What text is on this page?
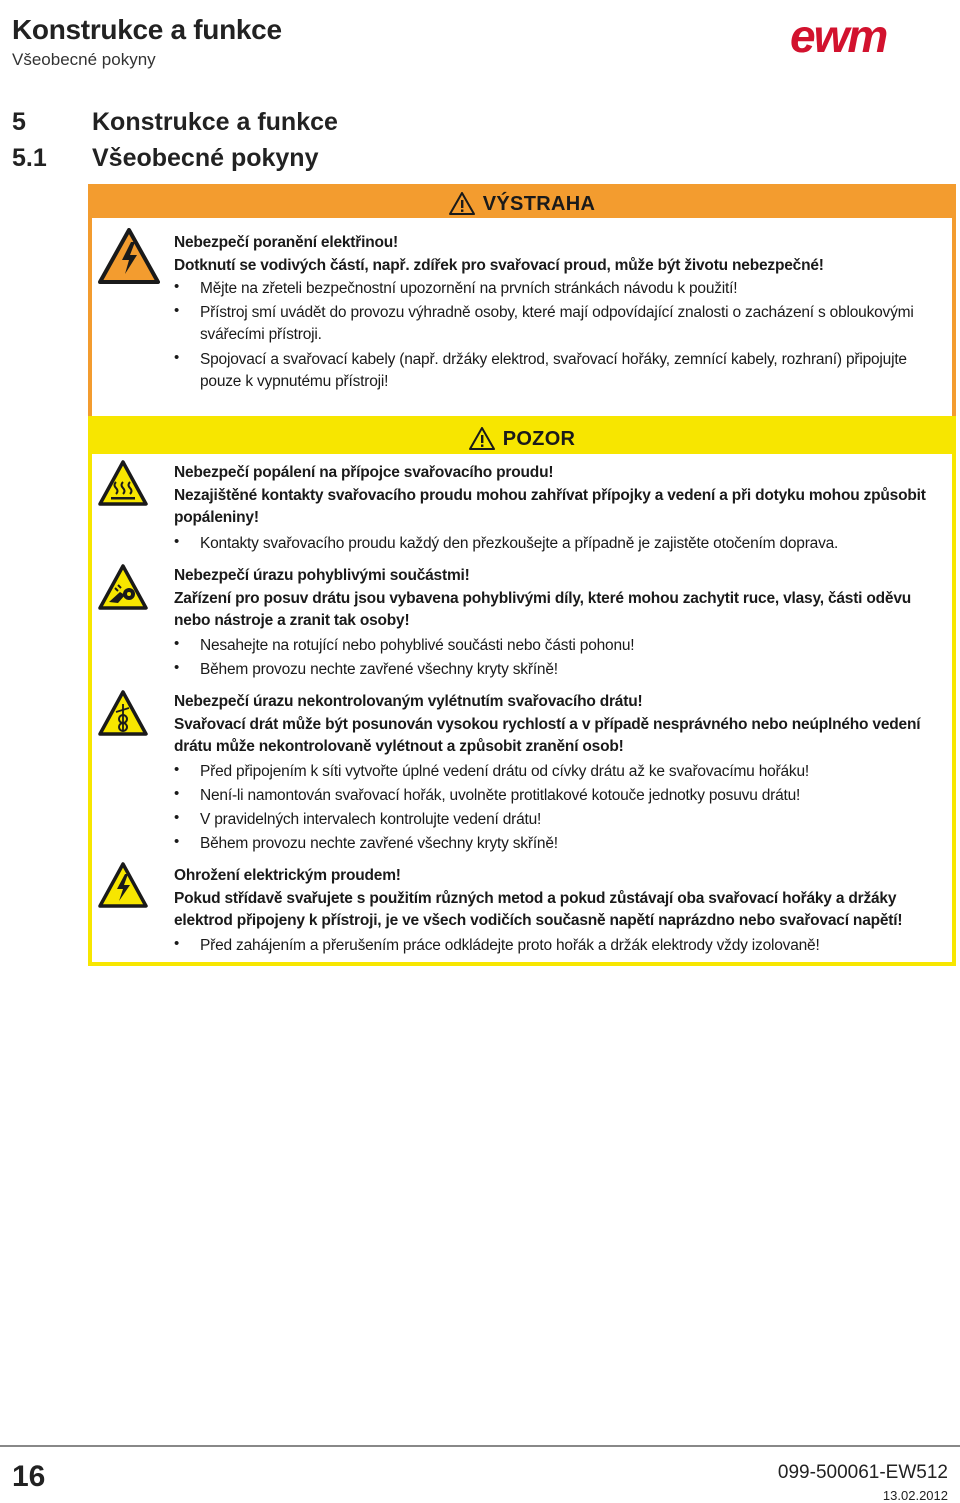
Konstrukce a funkce
Všeobecné pokyny	ewm
5	Konstrukce a funkce
5.1 Všeobecné pokyny
VÝSTRAHA
Nebezpečí poranění elektřinou!
Dotknutí se vodivých částí, např. zdířek pro svařovací proud, může být životu nebezpečné!
• Mějte na zřeteli bezpečnostní upozornění na prvních stránkách návodu k použití!
• Přístroj smí uvádět do provozu výhradně osoby, které mají odpovídající znalosti o zacházení s obloukovými
svářecími přístroji.
• Spojovací a svařovací kabely (např. držáky elektrod, svařovací hořáky, zemnící kabely, rozhraní) připojujte
pouze k vypnutému přístroji!
POZOR
Nebezpečí popálení na přípojce svařovacího proudu!
Nezajištěné kontakty svařovacího proudu mohou zahřívat přípojky a vedení a při dotyku mohou způsobit
popáleniny!
• Kontakty svařovacího proudu každý den přezkoušejte a případně je zajistěte otočením doprava.
Nebezpečí úrazu pohyblivými součástmi!
Zařízení pro posuv drátu jsou vybavena pohyblivými díly, které mohou zachytit ruce, vlasy, části oděvu
nebo nástroje a zranit tak osoby!
• Nesahejte na rotující nebo pohyblivé součásti nebo části pohonu!
• Během provozu nechte zavřené všechny kryty skříně!
Nebezpečí úrazu nekontrolovaným vylétnutím svařovacího drátu!
Svařovací drát může být posunován vysokou rychlostí a v případě nesprávného nebo neúplného vedení
drátu může nekontrolovaně vylétnout a způsobit zranění osob!
• Před připojením k síti vytvořte úplné vedení drátu od cívky drátu až ke svařovacímu hořáku!
• Není-li namontován svařovací hořák, uvolněte protitlakové kotouče jednotky posuvu drátu!
• V pravidelných intervalech kontrolujte vedení drátu!
• Během provozu nechte zavřené všechny kryty skříně!
Ohrožení elektrickým proudem!
Pokud střídavě svařujete s použitím různých metod a pokud zůstávají oba svařovací hořáky a držáky
elektrod připojeny k přístroji, je ve všech vodičích současně napětí naprázdno nebo svařovací napětí!
• Před zahájením a přerušením práce odkládejte proto hořák a držák elektrody vždy izolovaně!
16	099-500061-EW512
13.02.2012
